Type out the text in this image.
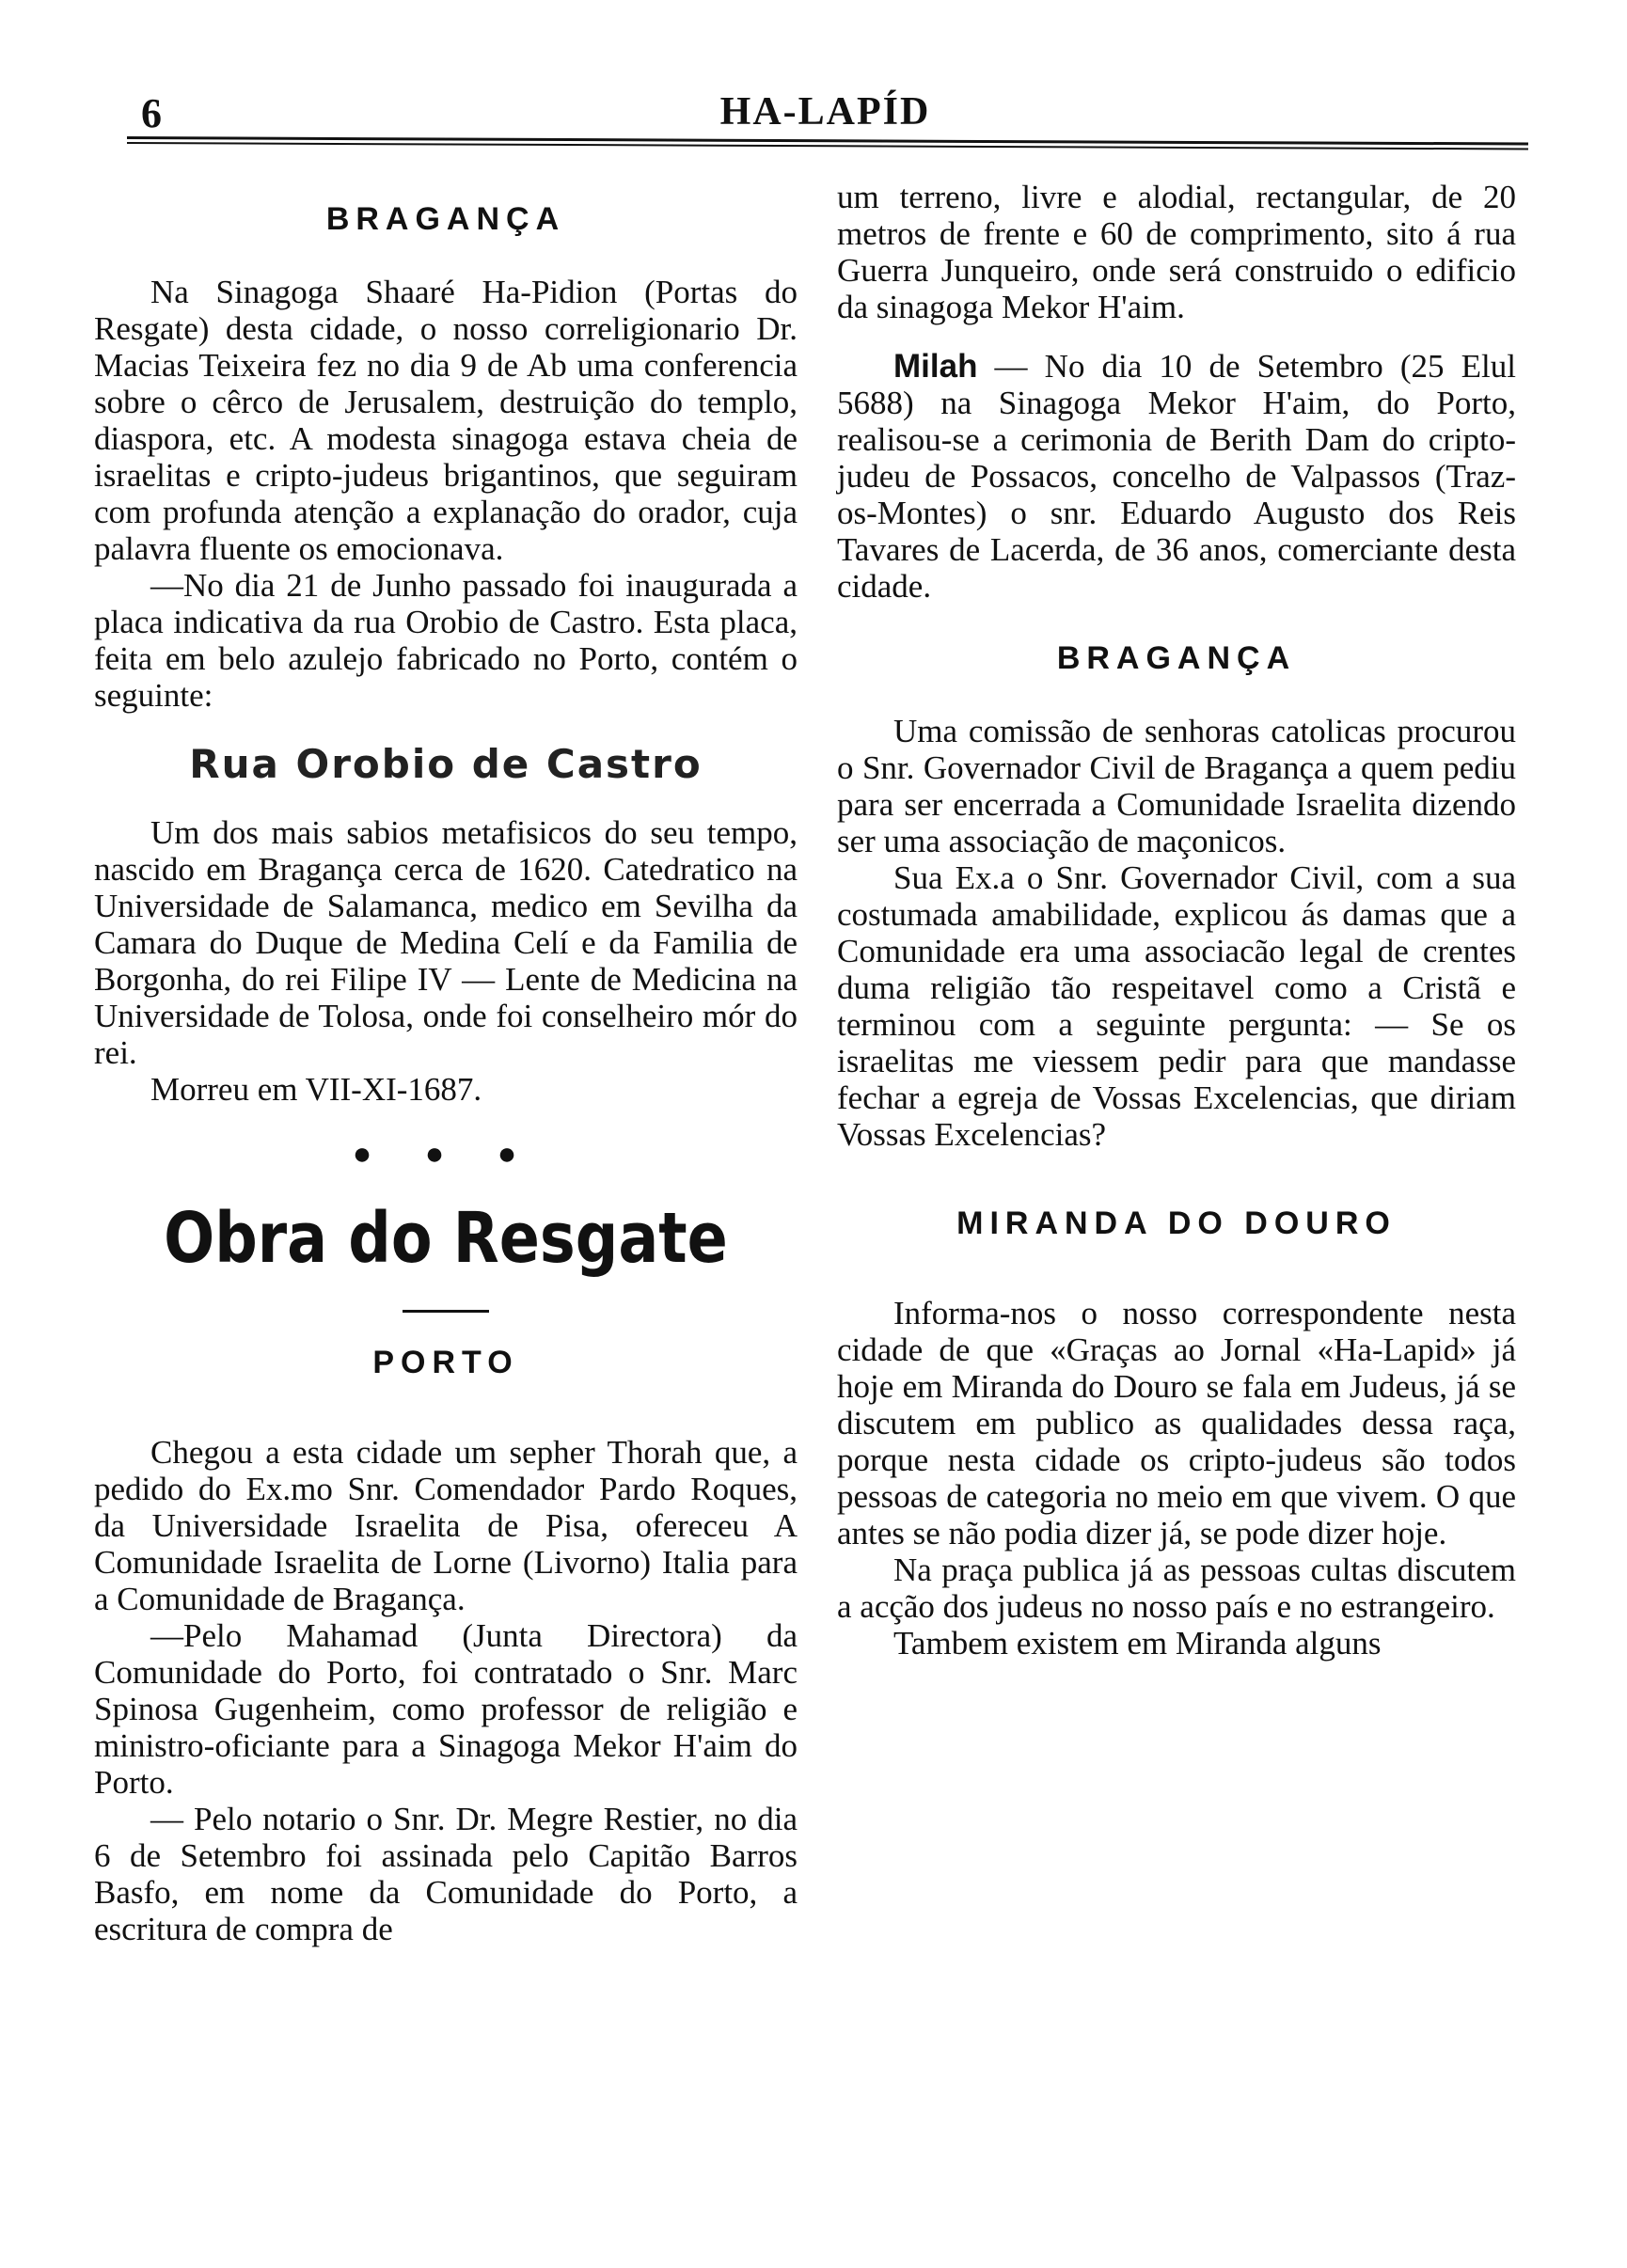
6	HA-LAPÍD
BRAGANÇA

Na Sinagoga Shaaré Ha-Pidion (Portas do Resgate) desta cidade, o nosso correligionario Dr. Macias Teixeira fez no dia 9 de Ab uma conferencia sobre o cêrco de Jerusalem, destruição do templo, diaspora, etc. A modesta sinagoga estava cheia de israelitas e cripto-judeus brigantinos, que seguiram com profunda atenção a explanação do orador, cuja palavra fluente os emocionava.

—No dia 21 de Junho passado foi inaugurada a placa indicativa da rua Orobio de Castro. Esta placa, feita em belo azulejo fabricado no Porto, contém o seguinte:

Rua Orobio de Castro

Um dos mais sabios metafisicos do seu tempo, nascido em Bragança cerca de 1620. Catedratico na Universidade de Salamanca, medico em Sevilha da Camara do Duque de Medina Celí e da Familia de Borgonha, do rei Filipe IV — Lente de Medicina na Universidade de Tolosa, onde foi conselheiro mór do rei.

Morreu em VII-XI-1687.

● ● ●
Obra do Resgate
PORTO

Chegou a esta cidade um sepher Thorah que, a pedido do Ex.mo Snr. Comendador Pardo Roques, da Universidade Israelita de Pisa, ofereceu A Comunidade Israelita de Lorne (Livorno) Italia para a Comunidade de Bragança.

—Pelo Mahamad (Junta Directora) da Comunidade do Porto, foi contratado o Snr. Marc Spinosa Gugenheim, como professor de religião e ministro-oficiante para a Sinagoga Mekor H'aim do Porto.

— Pelo notario o Snr. Dr. Megre Restier, no dia 6 de Setembro foi assinada pelo Capitão Barros Basfo, em nome da Comunidade do Porto, a escritura de compra de

um terreno, livre e alodial, rectangular, de 20 metros de frente e 60 de comprimento, sito á rua Guerra Junqueiro, onde será construido o edificio da sinagoga Mekor H'aim.

Milah — No dia 10 de Setembro (25 Elul 5688) na Sinagoga Mekor H'aim, do Porto, realisou-se a cerimonia de Berith Dam do cripto-judeu de Possacos, concelho de Valpassos (Traz-os-Montes) o snr. Eduardo Augusto dos Reis Tavares de Lacerda, de 36 anos, comerciante desta cidade.

BRAGANÇA

Uma comissão de senhoras catolicas procurou o Snr. Governador Civil de Bragança a quem pediu para ser encerrada a Comunidade Israelita dizendo ser uma associação de maçonicos.

Sua Ex.a o Snr. Governador Civil, com a sua costumada amabilidade, explicou ás damas que a Comunidade era uma associacão legal de crentes duma religião tão respeitavel como a Cristã e terminou com a seguinte pergunta: — Se os israelitas me viessem pedir para que mandasse fechar a egreja de Vossas Excelencias, que diriam Vossas Excelencias?

MIRANDA DO DOURO

Informa-nos o nosso correspondente nesta cidade de que «Graças ao Jornal «Ha-Lapid» já hoje em Miranda do Douro se fala em Judeus, já se discutem em publico as qualidades dessa raça, porque nesta cidade os cripto-judeus são todos pessoas de categoria no meio em que vivem. O que antes se não podia dizer já, se pode dizer hoje.

Na praça publica já as pessoas cultas discutem a acção dos judeus no nosso país e no estrangeiro.

Tambem existem em Miranda alguns
